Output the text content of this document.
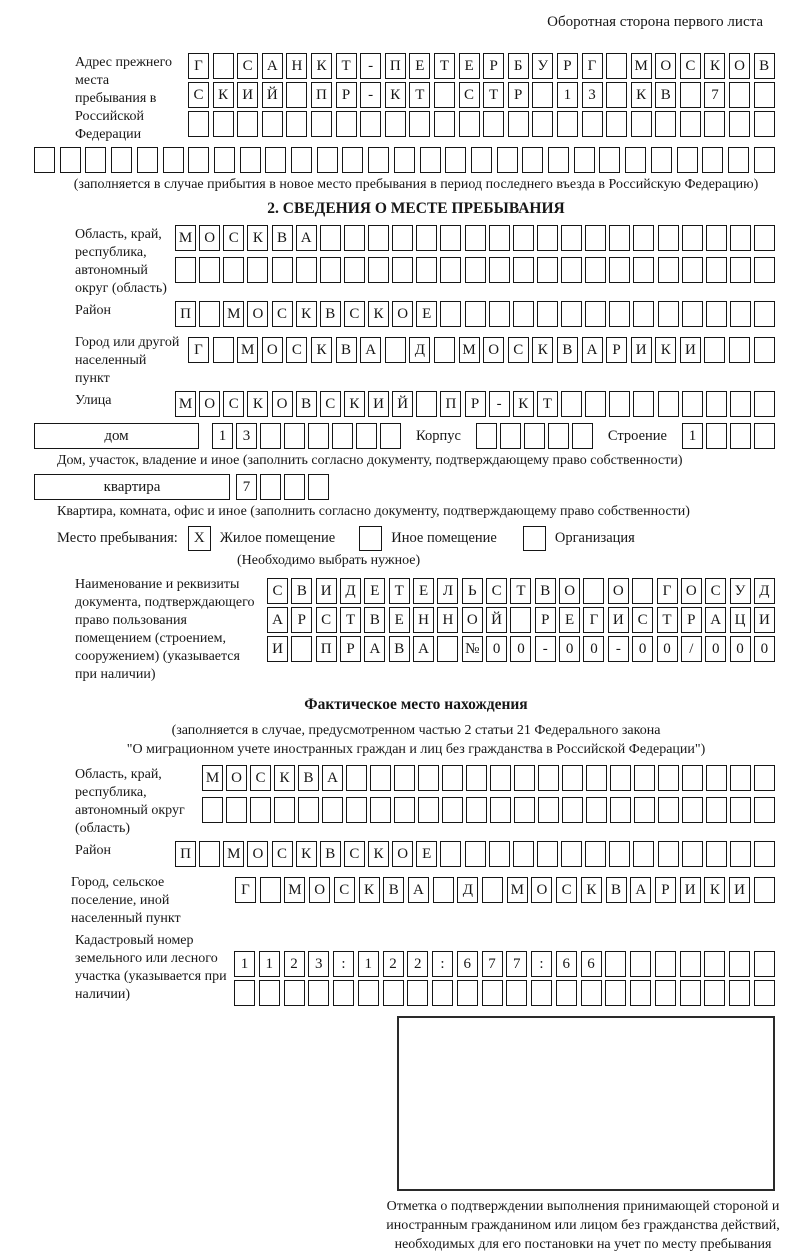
Оборотная сторона первого листа
Адрес прежнего места пребывания в Российской Федерации
Г	С А Н К	Т	-	П Е	Т	Е	Р	Б У	Р	Г	М О С К О В
С К И Й	П	Р	-	К	Т	С	Т	Р	1	3	К В	7
(заполняется в случае прибытия в новое место пребывания в период последнего въезда в Российскую Федерацию)
2. СВЕДЕНИЯ О МЕСТЕ ПРЕБЫВАНИЯ
Область, край, республика, автономный округ (область)
М О С К В А
Район	П	М О С К В С К О Е
Город или другой населенный пункт
Г	М О С К В А	Д	М О С К В А	Р	И К И
Улица	М О С К О В С К И Й	П Р	-	К Т
дом	1	3	Корпус	Строение	1
Дом, участок, владение и иное (заполнить согласно документу, подтверждающему право собственности)
квартира	7
Квартира, комната, офис и иное (заполнить согласно документу, подтверждающему право собственности)
Место пребывания:	X	Жилое помещение	Иное помещение	Организация
(Необходимо выбрать нужное)
Наименование и реквизиты документа, подтверждающего право пользования помещением (строением, сооружением) (указывается при наличии)
С В И Д Е	Т	Е Л Ь	С Т В О	О	Г О С У Д
А Р	С Т В Е Н Н О Й	Р	Е	Г И С Т	Р А Ц И
И	П Р А В А	№ 0	0	-	0	0	-	0	0	/	0	0	0
Фактическое место нахождения
(заполняется в случае, предусмотренном частью 2 статьи 21 Федерального закона
"О миграционном учете иностранных граждан и лиц без гражданства в Российской Федерации")
Область, край, республика, автономный округ (область)
М О С К В А
Район	П	М О С К В С К О Е
Город, сельское поселение, иной населенный пункт
Г	М О С К В А	Д	М О С К В А	Р	И К И
Кадастровый номер земельного или лесного участка (указывается при наличии)
1	1	2	3	:	1	2	2	:	6	7	7	:	6	6
Отметка о подтверждении выполнения принимающей стороной и иностранным гражданином или лицом без гражданства действий, необходимых для его постановки на учет по месту пребывания
